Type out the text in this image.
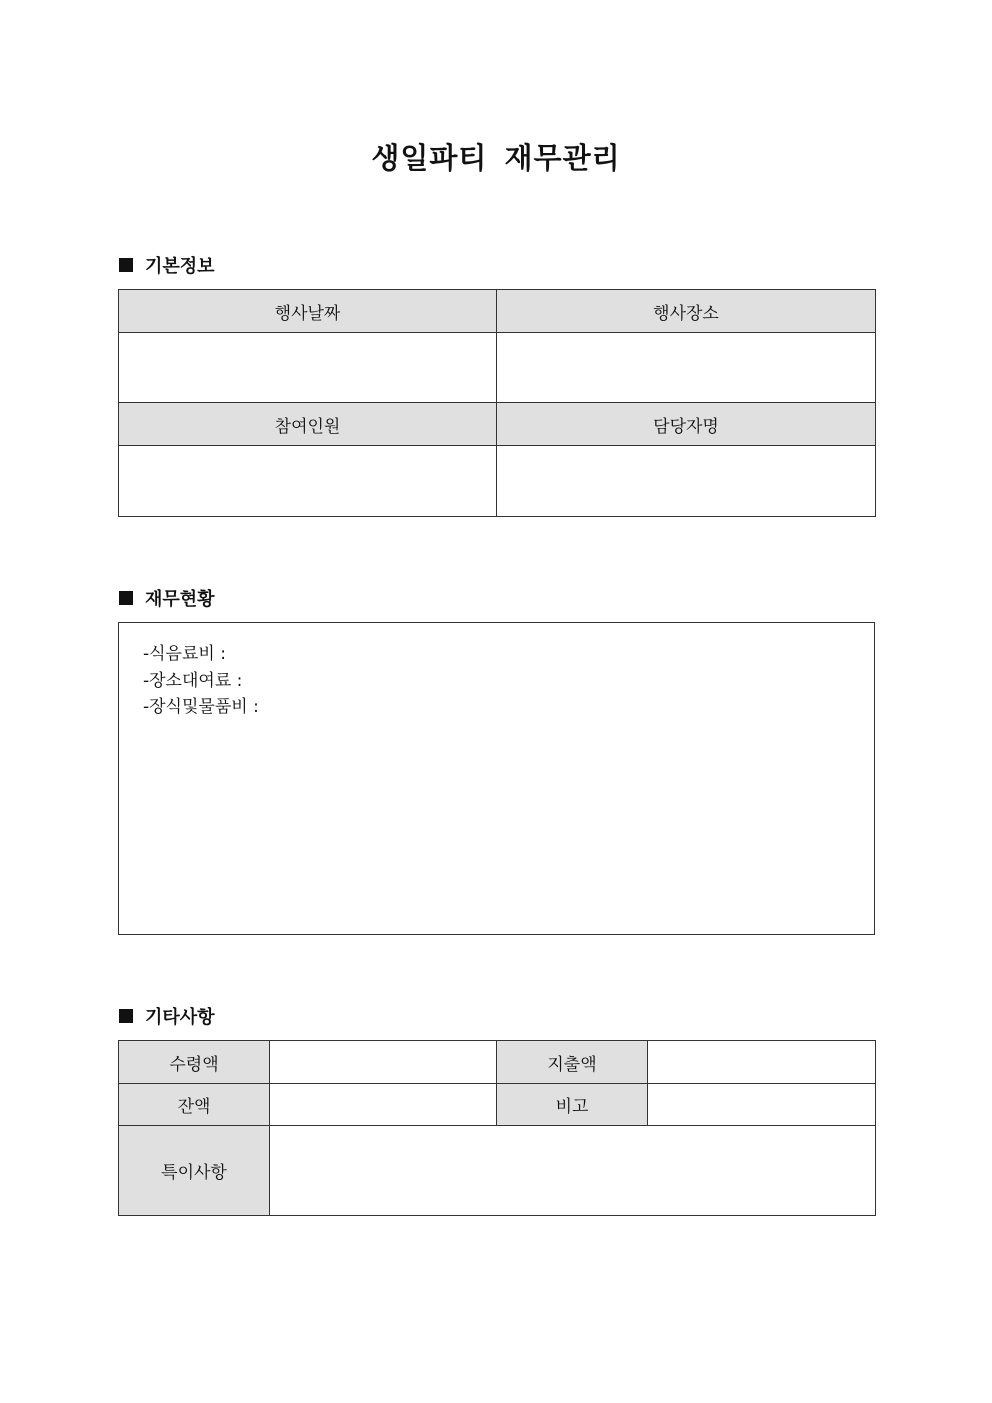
생일파티 재무관리
기본정보
행사날짜	행사장소

참여인원	담당자명

재무현황
-식음료비 :
-장소대여료 :
-장식및물품비 :
기타사항
수령액		지출액	
잔액		비고	
특이사항			
